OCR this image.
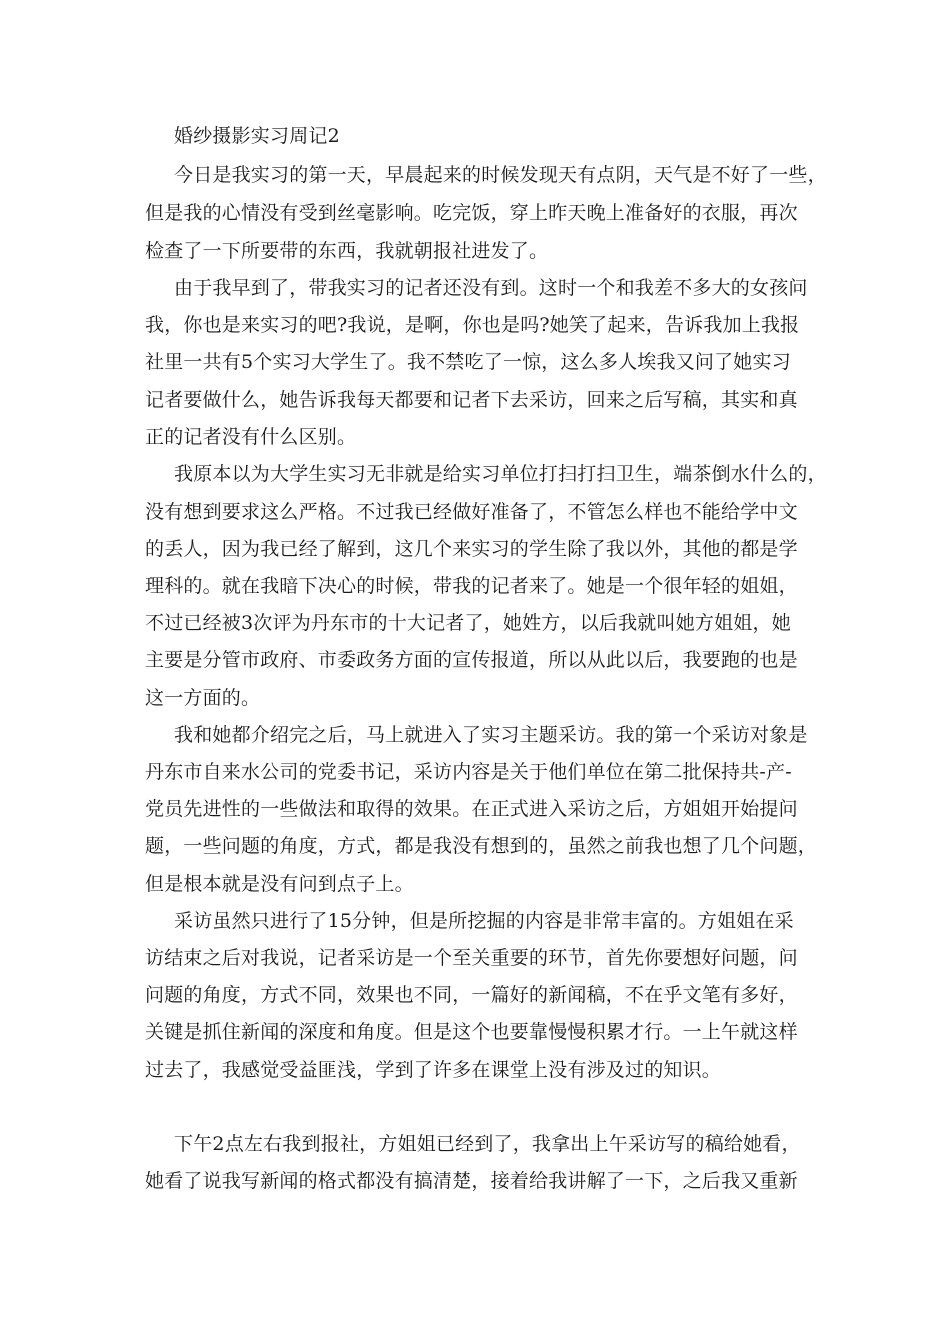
婚纱摄影实习周记2
今日是我实习的第一天，早晨起来的时候发现天有点阴，天气是不好了一些，
但是我的心情没有受到丝毫影响。吃完饭，穿上昨天晚上准备好的衣服，再次
检查了一下所要带的东西，我就朝报社进发了。
由于我早到了，带我实习的记者还没有到。这时一个和我差不多大的女孩问
我，你也是来实习的吧?我说，是啊，你也是吗?她笑了起来，告诉我加上我报
社里一共有5个实习大学生了。我不禁吃了一惊，这么多人埃我又问了她实习
记者要做什么，她告诉我每天都要和记者下去采访，回来之后写稿，其实和真
正的记者没有什么区别。
我原本以为大学生实习无非就是给实习单位打扫打扫卫生，端茶倒水什么的，
没有想到要求这么严格。不过我已经做好准备了，不管怎么样也不能给学中文
的丢人，因为我已经了解到，这几个来实习的学生除了我以外，其他的都是学
理科的。就在我暗下决心的时候，带我的记者来了。她是一个很年轻的姐姐，
不过已经被3次评为丹东市的十大记者了，她姓方，以后我就叫她方姐姐，她
主要是分管市政府、市委政务方面的宣传报道，所以从此以后，我要跑的也是
这一方面的。
我和她都介绍完之后，马上就进入了实习主题采访。我的第一个采访对象是
丹东市自来水公司的党委书记，采访内容是关于他们单位在第二批保持共-产-
党员先进性的一些做法和取得的效果。在正式进入采访之后，方姐姐开始提问
题，一些问题的角度，方式，都是我没有想到的，虽然之前我也想了几个问题，
但是根本就是没有问到点子上。
采访虽然只进行了15分钟，但是所挖掘的内容是非常丰富的。方姐姐在采
访结束之后对我说，记者采访是一个至关重要的环节，首先你要想好问题，问
问题的角度，方式不同，效果也不同，一篇好的新闻稿，不在乎文笔有多好，
关键是抓住新闻的深度和角度。但是这个也要靠慢慢积累才行。一上午就这样
过去了，我感觉受益匪浅，学到了许多在课堂上没有涉及过的知识。
下午2点左右我到报社，方姐姐已经到了，我拿出上午采访写的稿给她看，
她看了说我写新闻的格式都没有搞清楚，接着给我讲解了一下，之后我又重新
